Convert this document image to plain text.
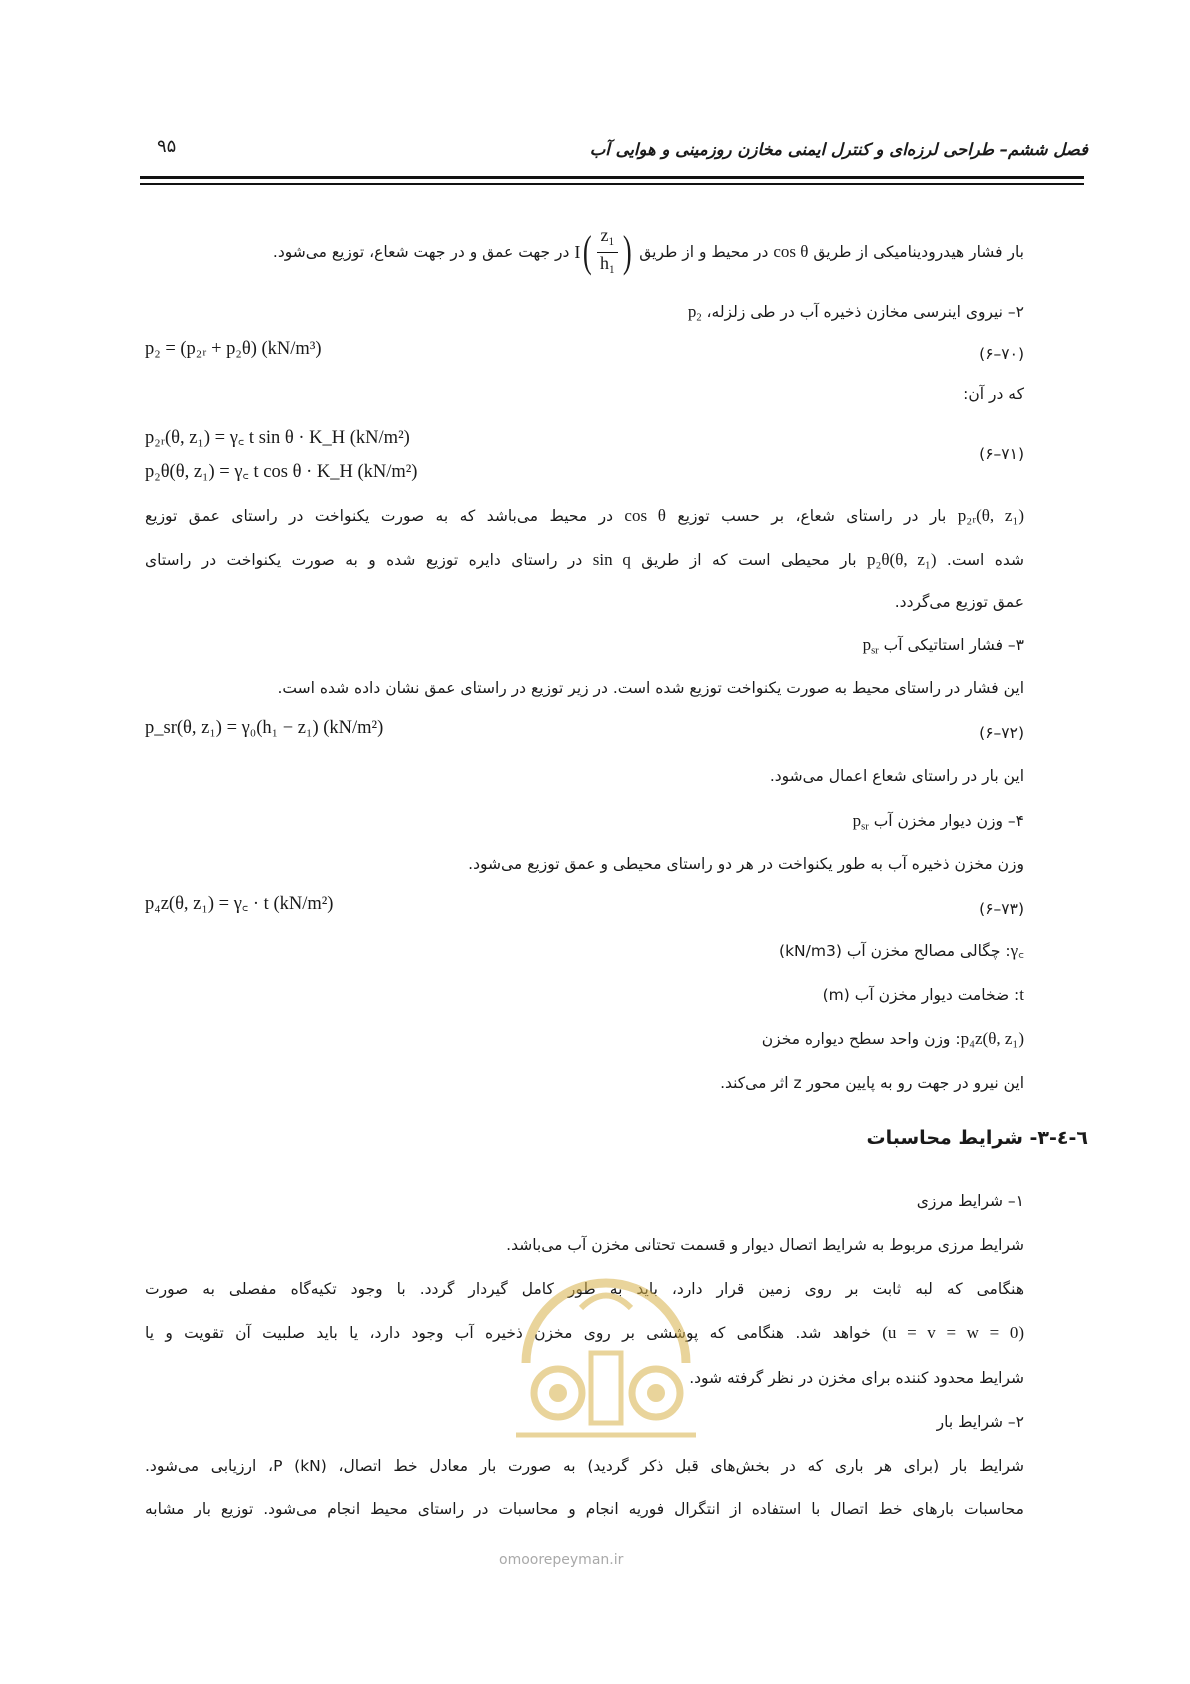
فصل ششم– طراحی لرزه‌ای و کنترل ایمنی مخازن روزمینی و هوایی آب
۹۵
بار فشار هیدرودینامیکی از طریق cos θ در محیط و از طریق
I ( $\frac{z_1}{h_1}$ )
در جهت عمق و در جهت شعاع، توزیع می‌شود.
۲– نیروی اینرسی مخازن ذخیره آب در طی زلزله، $p_2$
p₂ = (p₂ᵣ + p₂θ) (kN/m³)	(۷۰–۶)
که در آن:
p₂ᵣ(θ, z₁) = γ꜀ t sin θ · K_H (kN/m²)
p₂θ(θ, z₁) = γ꜀ t cos θ · K_H (kN/m²)
(۷۱–۶)
p₂ᵣ(θ, z₁) بار در راستای شعاع، بر حسب توزیع cos θ در محیط می‌باشد که به صورت یکنواخت در راستای عمق توزیع
شده است. p₂θ(θ, z₁) بار محیطی است که از طریق sin q در راستای دایره توزیع شده و به صورت یکنواخت در راستای
عمق توزیع می‌گردد.
۳– فشار استاتیکی آب $p_{sr}$
این فشار در راستای محیط به صورت یکنواخت توزیع شده است. در زیر توزیع در راستای عمق نشان داده شده است.
p_sr(θ, z₁) = γ₀(h₁ − z₁) (kN/m²)	(۷۲–۶)
این بار در راستای شعاع اعمال می‌شود.
۴– وزن دیوار مخزن آب $p_{sr}$
وزن مخزن ذخیره آب به طور یکنواخت در هر دو راستای محیطی و عمق توزیع می‌شود.
p₄z(θ, z₁) = γ꜀ · t (kN/m²)	(۷۳–۶)
γ꜀: چگالی مصالح مخزن آب (kN/m3)
t: ضخامت دیوار مخزن آب (m)
p₄z(θ, z₁): وزن واحد سطح دیواره مخزن
این نیرو در جهت رو به پایین محور z اثر می‌کند.
٦-٤-٣- شرایط محاسبات
۱– شرایط مرزی
شرایط مرزی مربوط به شرایط اتصال دیوار و قسمت تحتانی مخزن آب می‌باشد.
هنگامی که لبه ثابت بر روی زمین قرار دارد، باید به طور کامل گیردار گردد. با وجود تکیه‌گاه مفصلی به صورت
(u = v = w = 0) خواهد شد. هنگامی که پوششی بر روی مخزن ذخیره آب وجود دارد، یا باید صلبیت آن تقویت و یا
شرایط محدود کننده برای مخزن در نظر گرفته شود.
۲– شرایط بار
شرایط بار (برای هر باری که در بخش‌های قبل ذکر گردید) به صورت بار معادل خط اتصال، P (kN)، ارزیابی می‌شود.
محاسبات بارهای خط اتصال با استفاده از انتگرال فوریه انجام و محاسبات در راستای محیط انجام می‌شود. توزیع بار مشابه
omoorepeyman.ir
